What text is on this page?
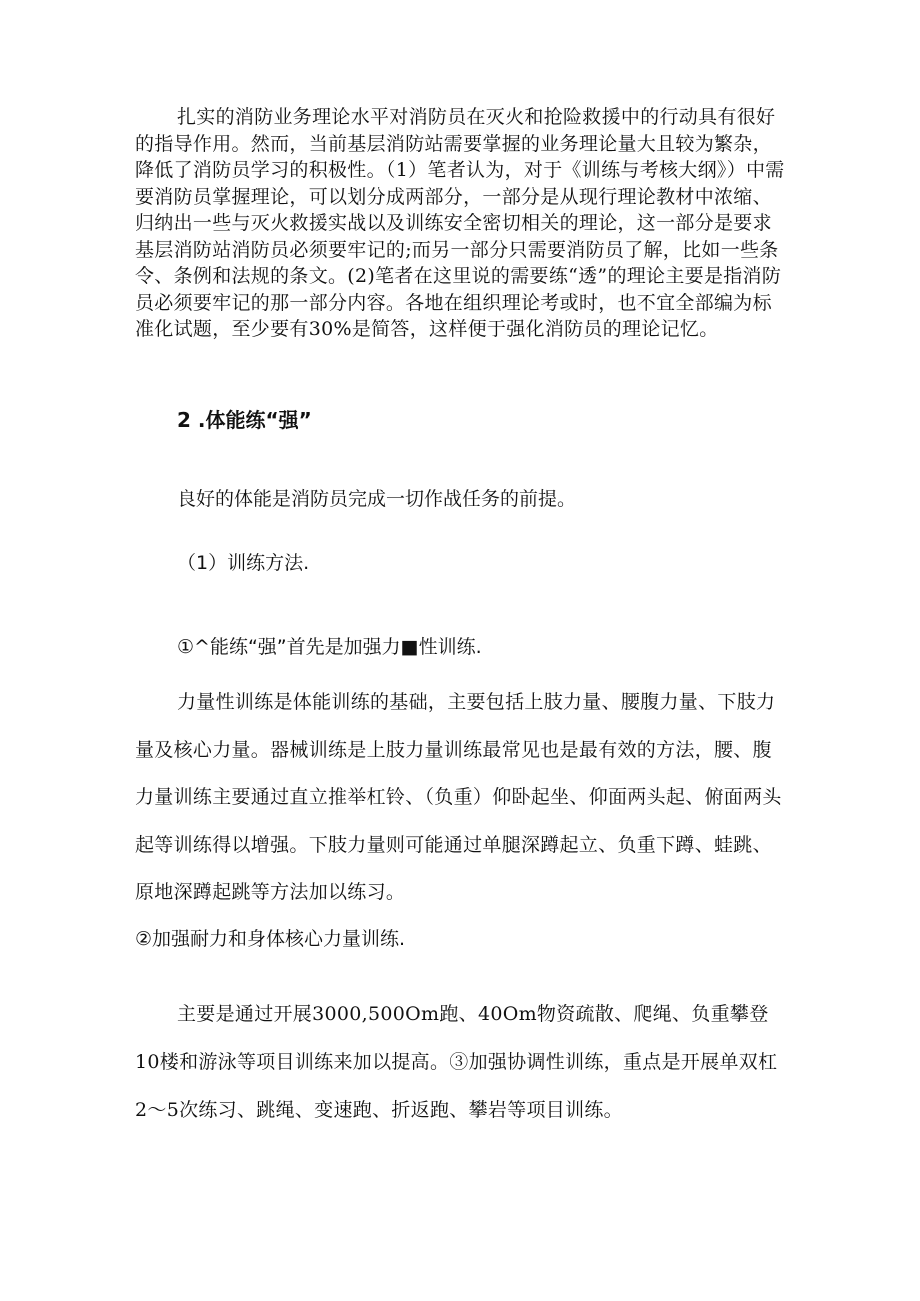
扎实的消防业务理论水平对消防员在灭火和抢险救援中的行动具有很好的指导作用。然而，当前基层消防站需要掌握的业务理论量大且较为繁杂，降低了消防员学习的积极性。（1）笔者认为，对于《训练与考核大纲》）中需要消防员掌握理论，可以划分成两部分，一部分是从现行理论教材中浓缩、归纳出一些与灭火救援实战以及训练安全密切相关的理论，这一部分是要求基层消防站消防员必须要牢记的;而另一部分只需要消防员了解，比如一些条令、条例和法规的条文。(2)笔者在这里说的需要练“透”的理论主要是指消防员必须要牢记的那一部分内容。各地在组织理论考或时，也不宜全部编为标准化试题，至少要有30%是简答，这样便于强化消防员的理论记忆。

2 .体能练“强”
良好的体能是消防员完成一切作战任务的前提。
（1）训练方法.
①^能练“强”首先是加强力■性训练.

力量性训练是体能训练的基础，主要包括上肢力量、腰腹力量、下肢力量及核心力量。器械训练是上肢力量训练最常见也是最有效的方法，腰、腹力量训练主要通过直立推举杠铃、（负重）仰卧起坐、仰面两头起、俯面两头起等训练得以增强。下肢力量则可能通过单腿深蹲起立、负重下蹲、蛙跳、原地深蹲起跳等方法加以练习。

②加强耐力和身体核心力量训练.

主要是通过开展3000,500Om跑、40Om物资疏散、爬绳、负重攀登10楼和游泳等项目训练来加以提高。③加强协调性训练，重点是开展单双杠2～5次练习、跳绳、变速跑、折返跑、攀岩等项目训练。
